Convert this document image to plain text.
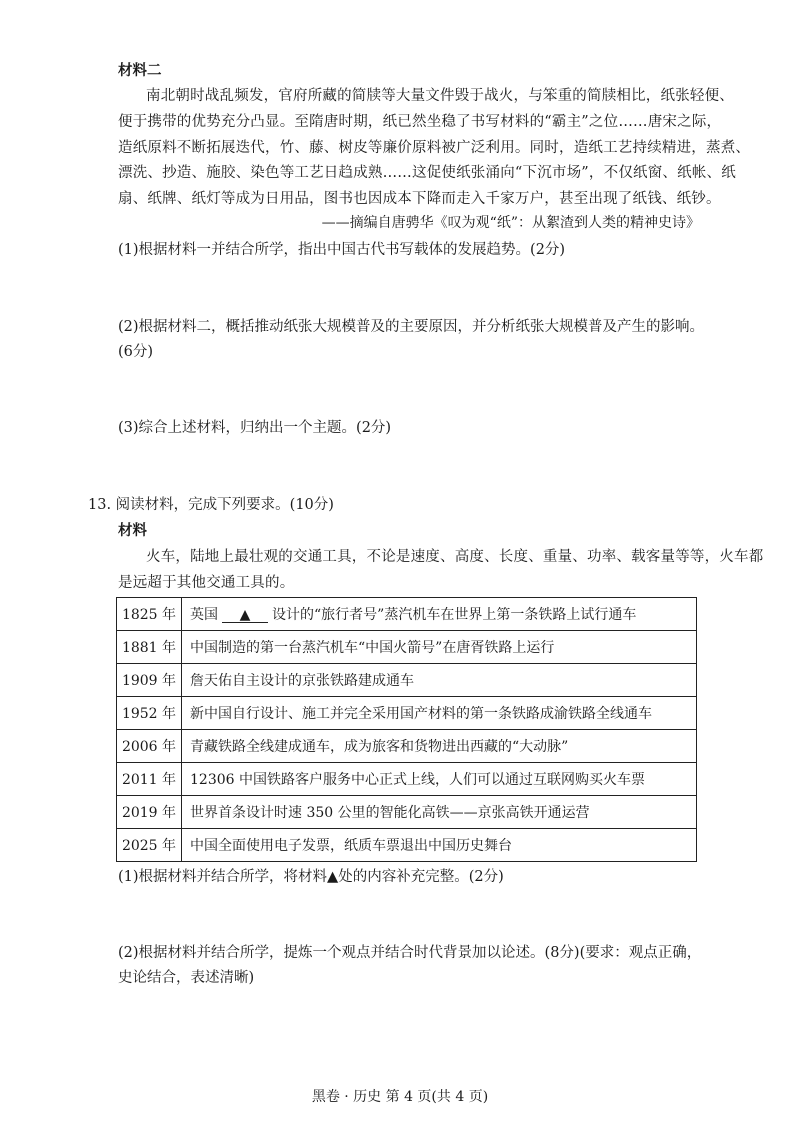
材料二
南北朝时战乱频发，官府所藏的简牍等大量文件毁于战火，与笨重的简牍相比，纸张轻便、
便于携带的优势充分凸显。至隋唐时期，纸已然坐稳了书写材料的“霸主”之位……唐宋之际，
造纸原料不断拓展迭代，竹、藤、树皮等廉价原料被广泛利用。同时，造纸工艺持续精进，蒸煮、
漂洗、抄造、施胶、染色等工艺日趋成熟……这促使纸张涌向“下沉市场”，不仅纸窗、纸帐、纸
扇、纸牌、纸灯等成为日用品，图书也因成本下降而走入千家万户，甚至出现了纸钱、纸钞。
——摘编自唐骋华《叹为观“纸”：从絮渣到人类的精神史诗》
(1)根据材料一并结合所学，指出中国古代书写载体的发展趋势。(2分)
(2)根据材料二，概括推动纸张大规模普及的主要原因，并分析纸张大规模普及产生的影响。
(6分)
(3)综合上述材料，归纳出一个主题。(2分)
13. 阅读材料，完成下列要求。(10分)
材料
火车，陆地上最壮观的交通工具，不论是速度、高度、长度、重量、功率、载客量等等，火车都
是远超于其他交通工具的。
1825 年	英国 ▲ 设计的“旅行者号”蒸汽机车在世界上第一条铁路上试行通车
1881 年	中国制造的第一台蒸汽机车“中国火箭号”在唐胥铁路上运行
1909 年	詹天佑自主设计的京张铁路建成通车
1952 年	新中国自行设计、施工并完全采用国产材料的第一条铁路成渝铁路全线通车
2006 年	青藏铁路全线建成通车，成为旅客和货物进出西藏的“大动脉”
2011 年	12306 中国铁路客户服务中心正式上线，人们可以通过互联网购买火车票
2019 年	世界首条设计时速 350 公里的智能化高铁——京张高铁开通运营
2025 年	中国全面使用电子发票，纸质车票退出中国历史舞台
(1)根据材料并结合所学，将材料▲处的内容补充完整。(2分)
(2)根据材料并结合所学，提炼一个观点并结合时代背景加以论述。(8分)(要求：观点正确，
史论结合，表述清晰)
黑卷 · 历史 第 4 页(共 4 页)
